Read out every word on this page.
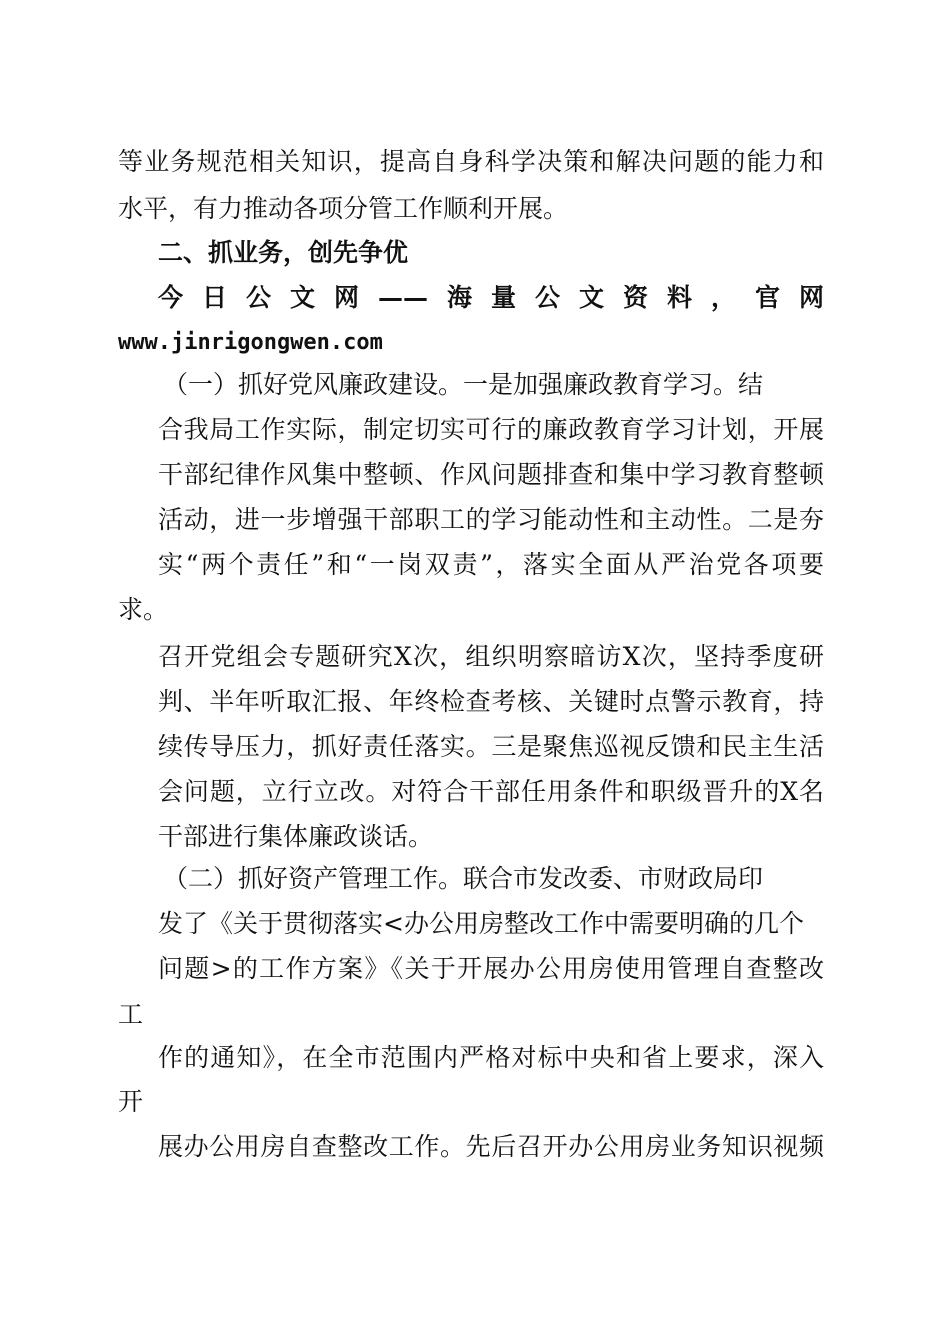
等业务规范相关知识，提高自身科学决策和解决问题的能力和
水平，有力推动各项分管工作顺利开展。
二、抓业务，创先争优
今日公文网——海量公文资料，官网
www.jinrigongwen.com
（一）抓好党风廉政建设。一是加强廉政教育学习。结
合我局工作实际，制定切实可行的廉政教育学习计划，开展
干部纪律作风集中整顿、作风问题排查和集中学习教育整顿
活动，进一步增强干部职工的学习能动性和主动性。二是夯
实“两个责任”和“一岗双责”，落实全面从严治党各项要
求。
召开党组会专题研究X次，组织明察暗访X次，坚持季度研
判、半年听取汇报、年终检查考核、关键时点警示教育，持
续传导压力，抓好责任落实。三是聚焦巡视反馈和民主生活
会问题，立行立改。对符合干部任用条件和职级晋升的X名
干部进行集体廉政谈话。
（二）抓好资产管理工作。联合市发改委、市财政局印
发了《关于贯彻落实<办公用房整改工作中需要明确的几个
问题>的工作方案》《关于开展办公用房使用管理自查整改
工
作的通知》，在全市范围内严格对标中央和省上要求，深入
开
展办公用房自查整改工作。先后召开办公用房业务知识视频
